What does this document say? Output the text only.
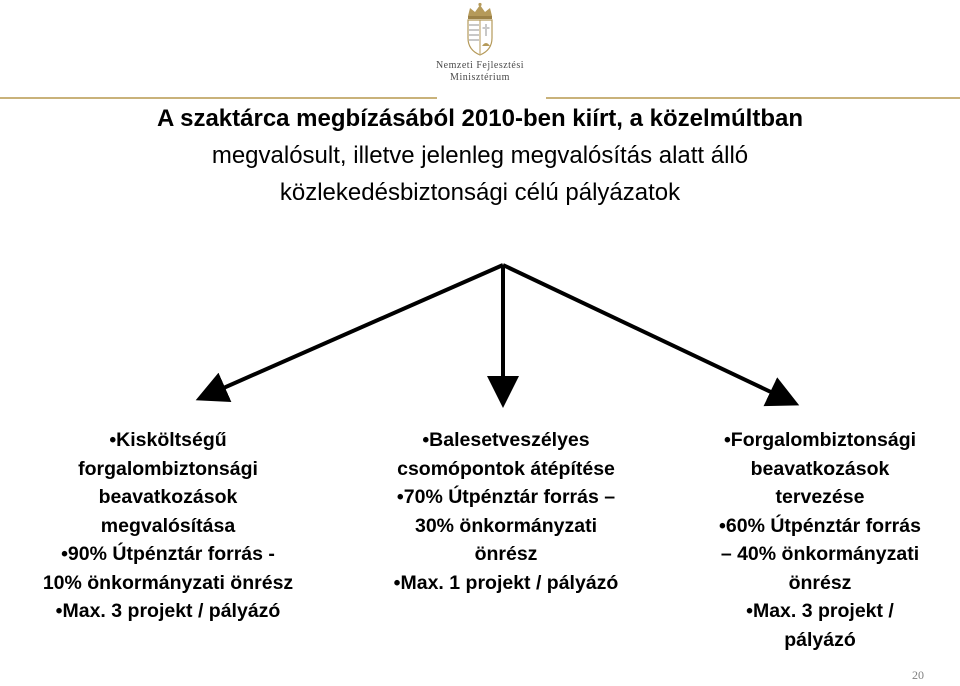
Nemzeti Fejlesztési
Minisztérium
A szaktárca megbízásából 2010-ben kiírt, a közelmúltban
megvalósult, illetve jelenleg megvalósítás alatt álló
közlekedésbiztonsági célú pályázatok
•Kisköltségű
forgalombiztonsági
beavatkozások
megvalósítása
•90% Útpénztár forrás -
10% önkormányzati önrész
•Max. 3 projekt / pályázó
•Balesetveszélyes
csomópontok átépítése
•70% Útpénztár forrás –
30% önkormányzati
önrész
•Max. 1 projekt / pályázó
•Forgalombiztonsági
beavatkozások
tervezése
•60% Útpénztár forrás
– 40% önkormányzati
önrész
•Max. 3 projekt /
pályázó
20
